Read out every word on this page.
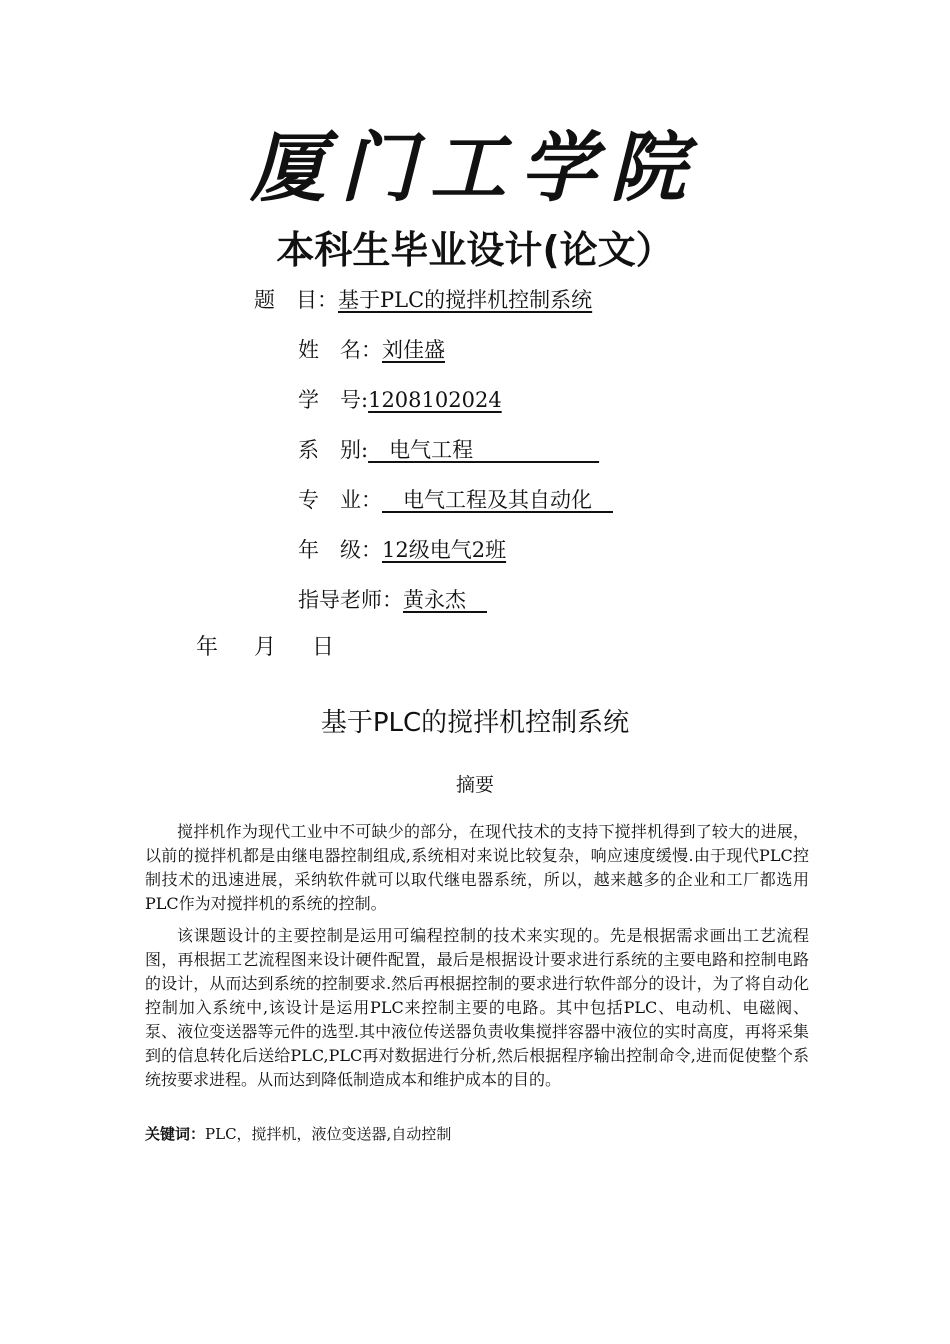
厦门工学院
本科生毕业设计(论文）
题　目：基于PLC的搅拌机控制系统
姓　名：刘佳盛
学　号:1208102024
系　别:　电气工程　　　　　　
专　业：　电气工程及其自动化　
年　级：12级电气2班
指导老师：黄永杰　
年 月 日
基于PLC的搅拌机控制系统
摘要

搅拌机作为现代工业中不可缺少的部分，在现代技术的支持下搅拌机得到了较大的进展，以前的搅拌机都是由继电器控制组成,系统相对来说比较复杂，响应速度缓慢.由于现代PLC控制技术的迅速进展，采纳软件就可以取代继电器系统，所以，越来越多的企业和工厂都选用PLC作为对搅拌机的系统的控制。

该课题设计的主要控制是运用可编程控制的技术来实现的。先是根据需求画出工艺流程图，再根据工艺流程图来设计硬件配置，最后是根据设计要求进行系统的主要电路和控制电路的设计，从而达到系统的控制要求.然后再根据控制的要求进行软件部分的设计，为了将自动化控制加入系统中,该设计是运用PLC来控制主要的电路。其中包括PLC、电动机、电磁阀、泵、液位变送器等元件的选型.其中液位传送器负责收集搅拌容器中液位的实时高度，再将采集到的信息转化后送给PLC,PLC再对数据进行分析,然后根据程序输出控制命令,进而促使整个系统按要求进程。从而达到降低制造成本和维护成本的目的。

关键词：PLC，搅拌机，液位变送器,自动控制
